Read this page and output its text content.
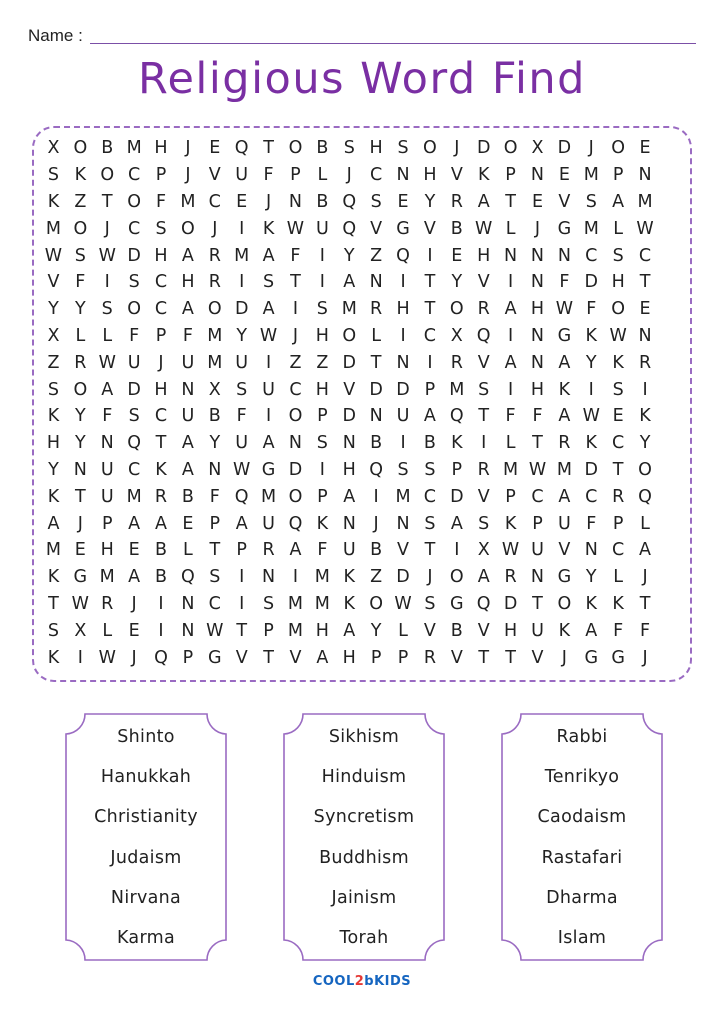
Name :
Religious Word Find
X O B M H	J	E Q T O B S H S O J	D O X D	J O E
S K O C P	J	V U F P L	J	C N H V K P N E M P N
K Z T O F M C E	J	N B Q S E Y R A T E V S A M
M O J	C S O J	I	K W U Q V G V B W L	J	G M L W
W S W D H A R M A F	I	Y Z Q I	E H N N N C S C
V F	I	S C H R	I	S T	I	A N	I	T Y V	I	N F D H T
Y Y S O C A O D A	I	S M R H T O R A H W F O E
X L L F P F M Y W J	H O L	I	C X Q I	N G K W N
Z R W U	J	U M U	I	Z Z D T N	I	R V A N A Y K R
S O A D H N X S U C H V D D P M S	I	H K	I	S	I
K Y F S C U B F	I O P D N U A Q T F F A W E K
H Y N Q T A Y U A N S N B	I	B K	I	L T R K C Y
Y N U C K A N W G D	I	H Q S S P R M W M D T O
K T U M R B F Q M O P A	I M C D V P C A C R Q
A	J	P A A E P A U Q K N	J	N S A S K P U F P L
M E H E B L T P R A F U B V T	I	X W U V N C A
K G M A B Q S	I	N	I M K Z D	J O A R N G Y L	J
T W R	J	I	N C	I	S M M K O W S G Q D T O K K T
S X L E	I	N W T P M H A Y L V B V H U K A F F
K	I W J Q P G V T V A H P P R V T T V	J	G G	J
Shinto
Hanukkah
Christianity
Judaism
Nirvana
Karma
Sikhism
Hinduism
Syncretism
Buddhism
Jainism
Torah
Rabbi
Tenrikyo
Caodaism
Rastafari
Dharma
Islam
COOL2bKIDS
